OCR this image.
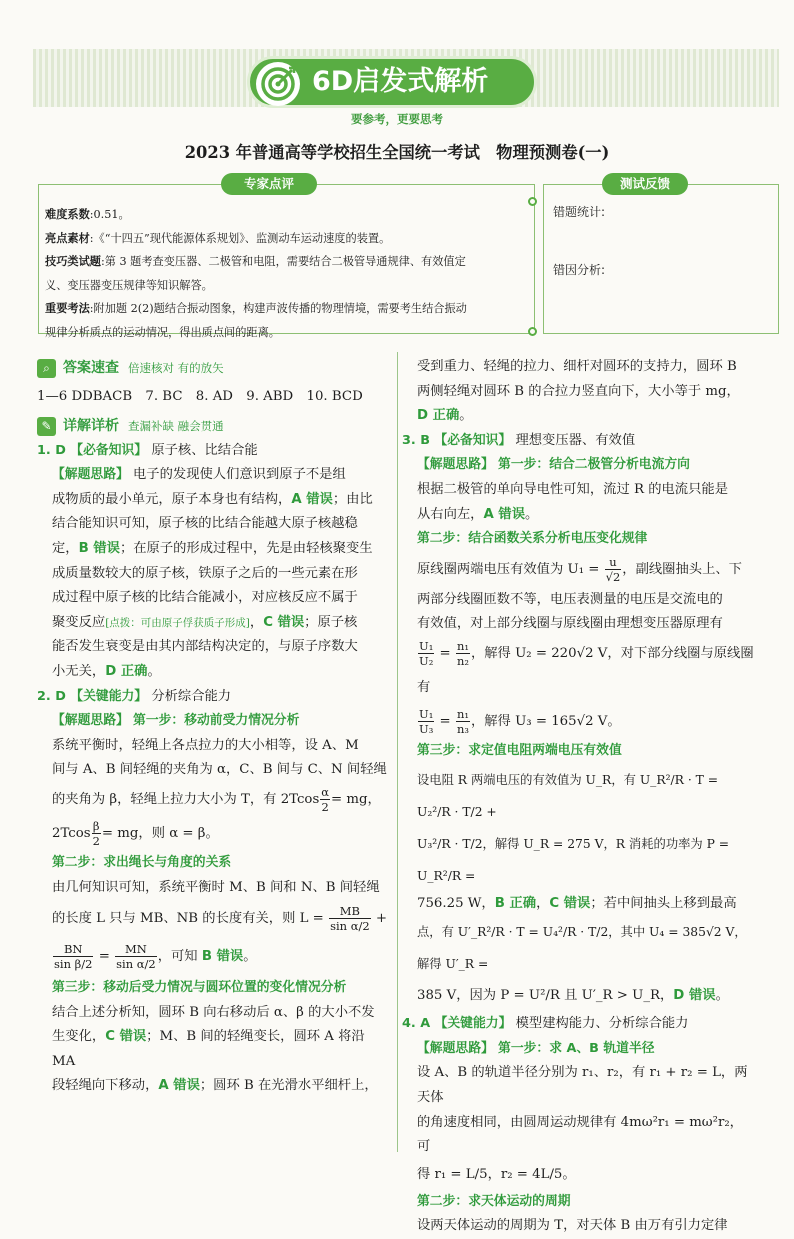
6D启发式解析
要参考，更要思考
2023 年普通高等学校招生全国统一考试　物理预测卷(一)
专家点评	测试反馈
难度系数:0.51。
亮点素材:《“十四五”现代能源体系规划》、监测动车运动速度的装置。
技巧类试题:第 3 题考查变压器、二极管和电阻，需要结合二极管导通规律、有效值定
义、变压器变压规律等知识解答。
重要考法:附加题 2(2)题结合振动图象，构建声波传播的物理情境，需要考生结合振动
规律分析质点的运动情况，得出质点间的距离。
错题统计:
错因分析:
⌕ 答案速查 倍速核对 有的放矢

1—6 DDBACB　7. BC　8. AD　9. ABD　10. BCD

✎ 详解详析 查漏补缺 融会贯通

1. D 【必备知识】 原子核、比结合能

【解题思路】 电子的发现使人们意识到原子不是组

成物质的最小单元，原子本身也有结构，A 错误；由比

结合能知识可知，原子核的比结合能越大原子核越稳

定，B 错误；在原子的形成过程中，先是由轻核聚变生

成质量数较大的原子核，铁原子之后的一些元素在形

成过程中原子核的比结合能减小，对应核反应不属于

聚变反应[点拨：可由原子俘获质子形成]，C 错误；原子核

能否发生衰变是由其内部结构决定的，与原子序数大

小无关，D 正确。

2. D 【关键能力】 分析综合能力

【解题思路】 第一步：移动前受力情况分析

系统平衡时，轻绳上各点拉力的大小相等，设 A、M

间与 A、B 间轻绳的夹角为 α，C、B 间与 C、N 间轻绳

的夹角为 β，轻绳上拉力大小为 T，有 $2Tcos \frac{\alpha}{2}$ = mg，

$2Tcos \frac{\beta}{2}$ = mg，则 α = β。

第二步：求出绳长与角度的关系

由几何知识可知，系统平衡时 M、B 间和 N、B 间轻绳

的长度 L 只与 MB、NB 的长度有关，则 $L = \frac{MB}{\text{sin α/2}}$ +

$\frac{BN}{\text{sin β/2}} = \frac{MN}{\text{sin α/2}}$ ，可知 B 错误。

第三步：移动后受力情况与圆环位置的变化情况分析

结合上述分析知，圆环 B 向右移动后 α、β 的大小不发

生变化，C 错误；M、B 间的轻绳变长，圆环 A 将沿 MA

段轻绳向下移动，A 错误；圆环 B 在光滑水平细杆上，

受到重力、轻绳的拉力、细杆对圆环的支持力，圆环 B

两侧轻绳对圆环 B 的合拉力竖直向下，大小等于 mg，

D 正确。

3. B 【必备知识】 理想变压器、有效值

【解题思路】 第一步：结合二极管分析电流方向

根据二极管的单向导电性可知，流过 R 的电流只能是

从右向左，A 错误。

第二步：结合函数关系分析电压变化规律

原线圈两端电压有效值为 $U_1 = \frac{u}{√2}$ ，副线圈抽头上、下

两部分线圈匝数不等，电压表测量的电压是交流电的

有效值，对上部分线圈与原线圈由理想变压器原理有

$\frac{\text{U₁}}{\text{U₂}} = \frac{\text{n₁}}{\text{n₂}}$ ，解得 U₂ = 220√2 V，对下部分线圈与原线圈有

$\frac{\text{U₁}}{\text{U₃}} = \frac{\text{n₁}}{\text{n₃}}$ ，解得 U₃ = 165√2 V。

第三步：求定值电阻两端电压有效值

设电阻 R 两端电压的有效值为 U_R，有 U_R²/R · T = U₂²/R · T/2 +

U₃²/R · T/2，解得 U_R = 275 V，R 消耗的功率为 P = U_R²/R =

756.25 W，B 正确，C 错误；若中间抽头上移到最高

点，有 U′_R²/R · T = U₄²/R · T/2，其中 U₄ = 385√2 V，解得 U′_R =

385 V，因为 P = U²/R 且 U′_R > U_R，D 错误。

4. A 【关键能力】 模型建构能力、分析综合能力

【解题思路】 第一步：求 A、B 轨道半径

设 A、B 的轨道半径分别为 r₁、r₂，有 r₁ + r₂ = L，两天体

的角速度相同，由圆周运动规律有 4mω²r₁ = mω²r₂，可

得 r₁ = L/5，r₂ = 4L/5。

第二步：求天体运动的周期

设两天体运动的周期为 T，对天体 B 由万有引力定律
